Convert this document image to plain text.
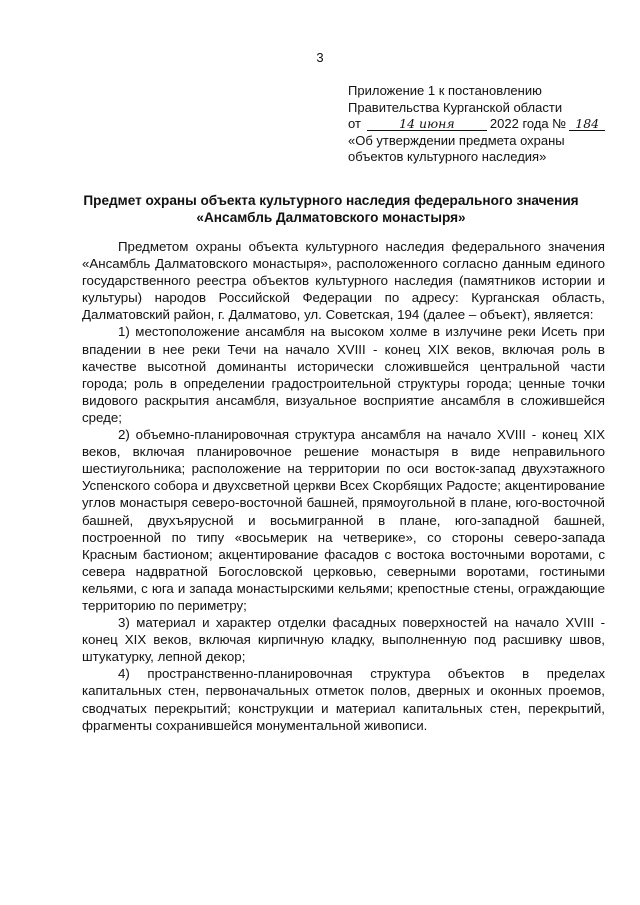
3
Приложение 1 к постановлению
Правительства Курганской области
от	14 июня	2022 года № 184
«Об утверждении предмета охраны
объектов культурного наследия»
Предмет охраны объекта культурного наследия федерального значения
«Ансамбль Далматовского монастыря»

Предметом охраны объекта культурного наследия федерального значения «Ансамбль Далматовского монастыря», расположенного согласно данным единого государственного реестра объектов культурного наследия (памятников истории и культуры) народов Российской Федерации по адресу: Курганская область, Далматовский район, г. Далматово, ул. Советская, 194 (далее – объект), является:

1) местоположение ансамбля на высоком холме в излучине реки Исеть при впадении в нее реки Течи на начало XVIII - конец XIX веков, включая роль в качестве высотной доминанты исторически сложившейся центральной части города; роль в определении градостроительной структуры города; ценные точки видового раскрытия ансамбля, визуальное восприятие ансамбля в сложившейся среде;

2) объемно-планировочная структура ансамбля на начало XVIII - конец XIX веков, включая планировочное решение монастыря в виде неправильного шестиугольника; расположение на территории по оси восток-запад двухэтажного Успенского собора и двухсветной церкви Всех Скорбящих Радосте; акцентирование углов монастыря северо-восточной башней, прямоугольной в плане, юго-восточной башней, двухъярусной и восьмигранной в плане, юго-западной башней, построенной по типу «восьмерик на четверике», со стороны северо-запада Красным бастионом; акцентирование фасадов с востока восточными воротами, с севера надвратной Богословской церковью, северными воротами, гостиными кельями, с юга и запада монастырскими кельями; крепостные стены, ограждающие территорию по периметру;

3) материал и характер отделки фасадных поверхностей на начало XVIII - конец XIX веков, включая кирпичную кладку, выполненную под расшивку швов, штукатурку, лепной декор;

4) пространственно-планировочная структура объектов в пределах капитальных стен, первоначальных отметок полов, дверных и оконных проемов, сводчатых перекрытий; конструкции и материал капитальных стен, перекрытий, фрагменты сохранившейся монументальной живописи.
